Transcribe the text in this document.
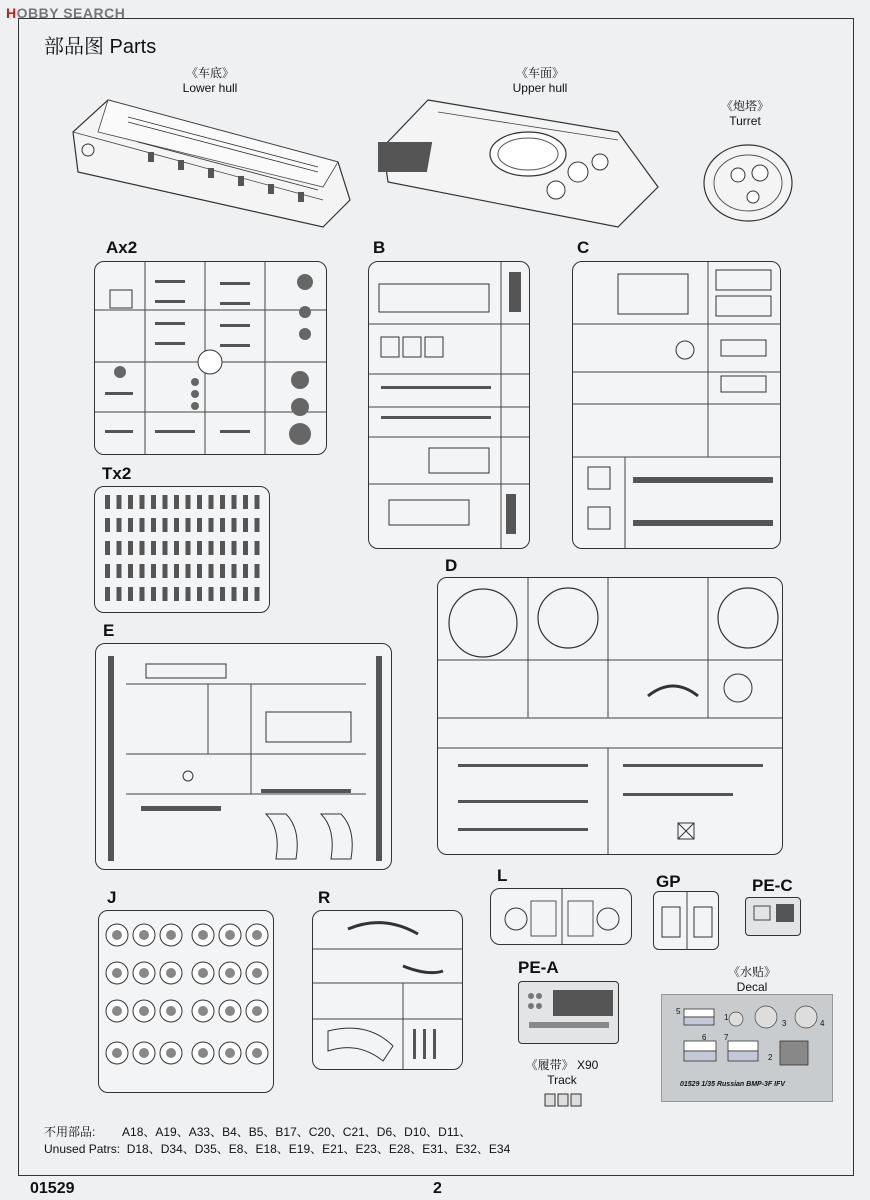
HOBBY SEARCH
部品图 Parts
《车底》
Lower hull
《车面》
Upper hull
《炮塔》
Turret
Ax2	B	C
Tx2
D
E
J	R
L	GP	PE-C
PE-A	《水贴》
Decal
5
6 7
1
2
3	4
01529 1/35 Russian BMP-3F IFV
《履带》 X90
Track
不用部品: A18、A19、A33、B4、B5、B17、C20、C21、D6、D10、D11、
Unused Patrs: D18、D34、D35、E8、E18、E19、E21、E23、E28、E31、E32、E34
01529	2
